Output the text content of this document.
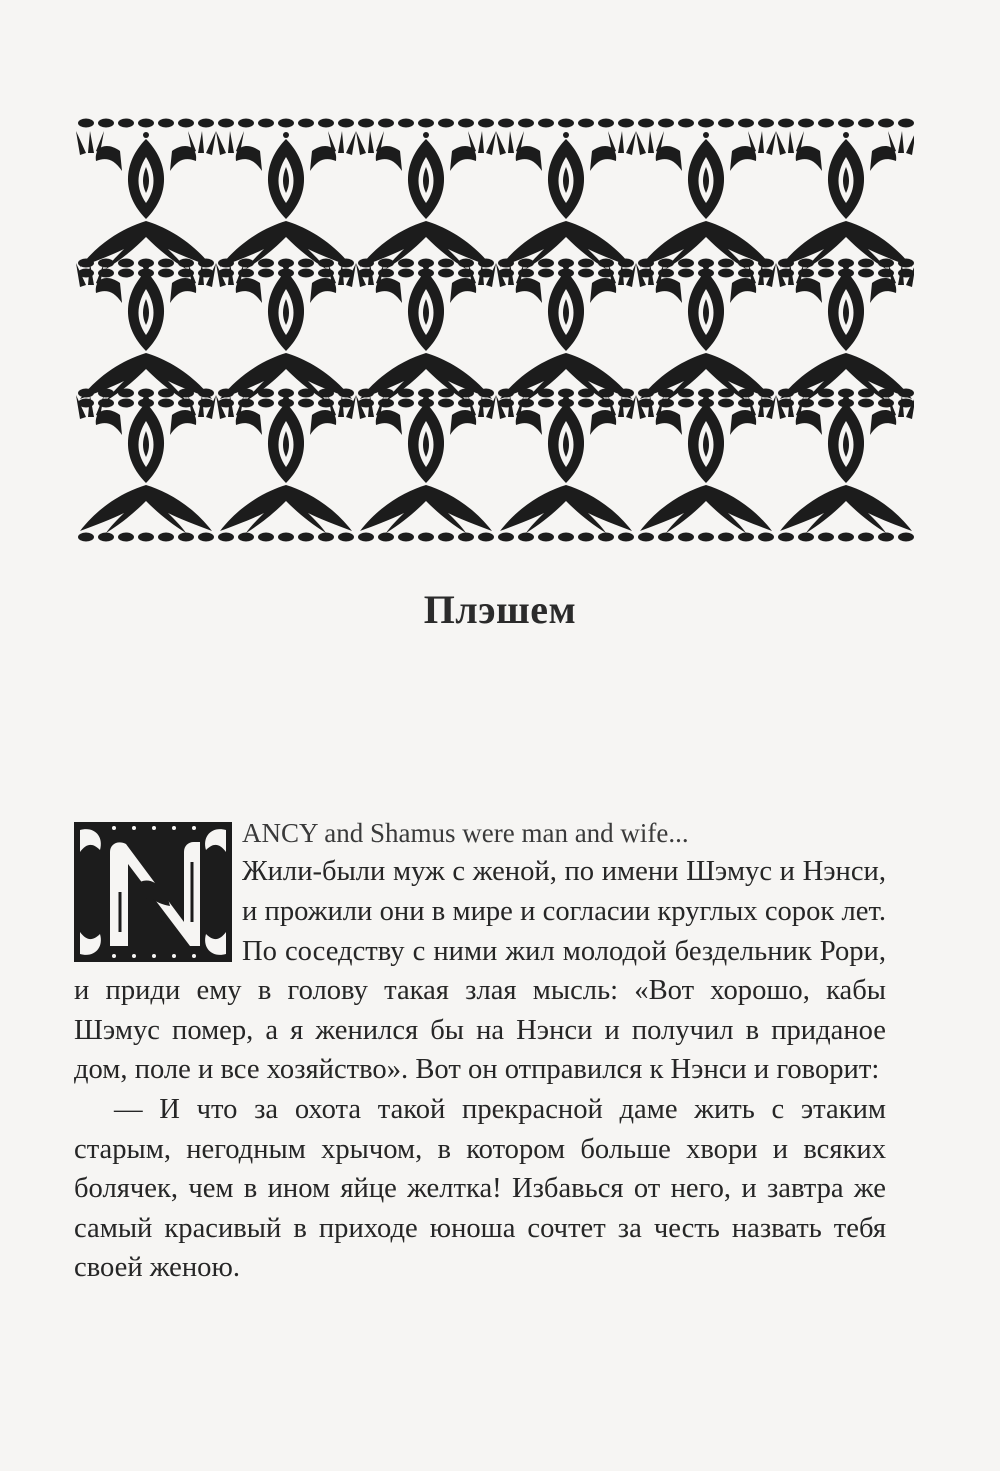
Плэшем

ANCY and Shamus were man and wife...

Жили-были муж с женой, по имени Шэмус и Нэнси, и прожили они в мире и согласии круглых сорок лет. По соседству с ними жил молодой бездельник Рори, и приди ему в голову такая злая мысль: «Вот хорошо, кабы Шэмус помер, а я женился бы на Нэнси и получил в приданое дом, поле и все хозяйство». Вот он отправился к Нэнси и говорит:

— И что за охота такой прекрасной даме жить с этаким старым, негодным хрычом, в котором больше хвори и всяких болячек, чем в ином яйце желтка! Избавься от него, и завтра же самый красивый в приходе юноша сочтет за честь назвать тебя своей женою.
